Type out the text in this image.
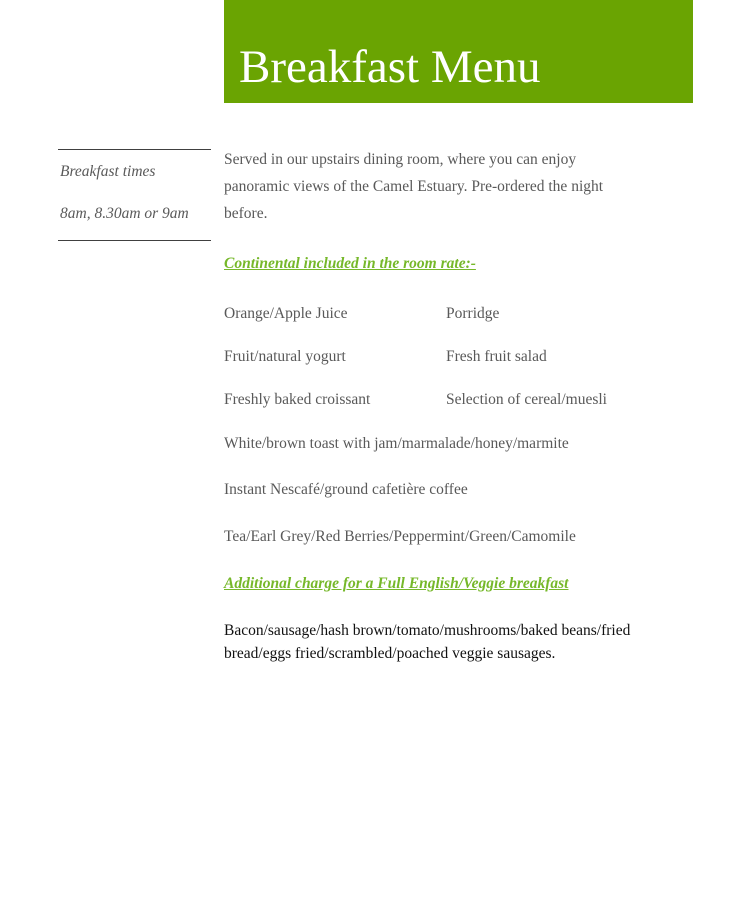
Breakfast Menu
Breakfast times
8am, 8.30am or 9am
Served in our upstairs dining room, where you can enjoy
panoramic views of the Camel Estuary. Pre-ordered the night
before.
Continental included in the room rate:-
Orange/Apple Juice	Porridge
Fruit/natural yogurt	Fresh fruit salad
Freshly baked croissant	Selection of cereal/muesli
White/brown toast with jam/marmalade/honey/marmite
Instant Nescafé/ground cafetière coffee
Tea/Earl Grey/Red Berries/Peppermint/Green/Camomile
Additional charge for a Full English/Veggie breakfast
Bacon/sausage/hash brown/tomato/mushrooms/baked beans/fried
bread/eggs fried/scrambled/poached veggie sausages.
